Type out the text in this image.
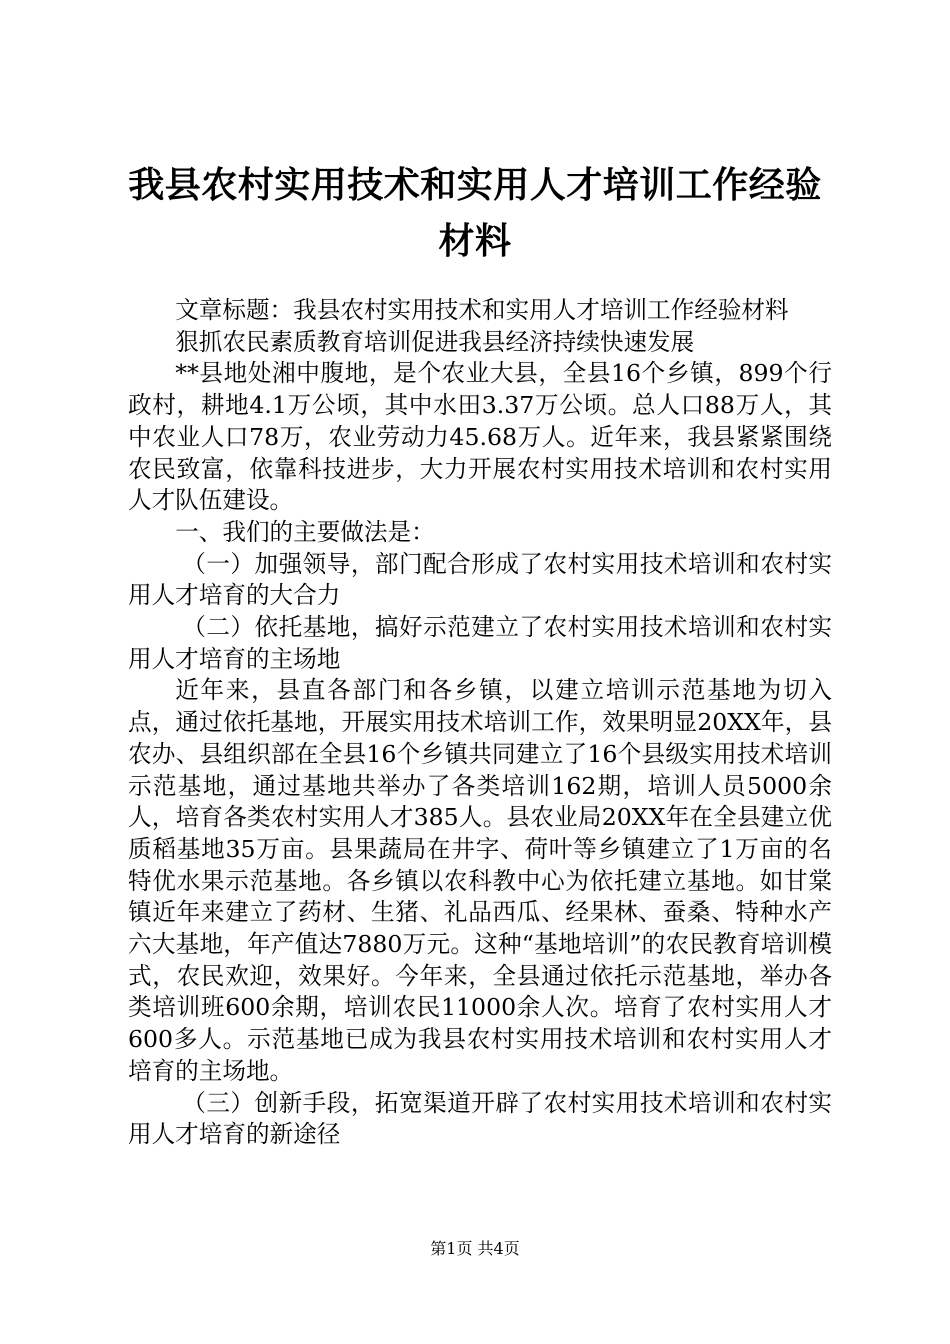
我县农村实用技术和实用人才培训工作经验材料

文章标题：我县农村实用技术和实用人才培训工作经验材料

狠抓农民素质教育培训促进我县经济持续快速发展

**县地处湘中腹地，是个农业大县，全县16个乡镇，899个行政村，耕地4.1万公顷，其中水田3.37万公顷。总人口88万人，其中农业人口78万，农业劳动力45.68万人。近年来，我县紧紧围绕农民致富，依靠科技进步，大力开展农村实用技术培训和农村实用人才队伍建设。

一、我们的主要做法是：

（一）加强领导，部门配合形成了农村实用技术培训和农村实用人才培育的大合力

（二）依托基地，搞好示范建立了农村实用技术培训和农村实用人才培育的主场地

近年来，县直各部门和各乡镇，以建立培训示范基地为切入点，通过依托基地，开展实用技术培训工作，效果明显20XX年，县农办、县组织部在全县16个乡镇共同建立了16个县级实用技术培训示范基地，通过基地共举办了各类培训162期，培训人员5000余人，培育各类农村实用人才385人。县农业局20XX年在全县建立优质稻基地35万亩。县果蔬局在井字、荷叶等乡镇建立了1万亩的名特优水果示范基地。各乡镇以农科教中心为依托建立基地。如甘棠镇近年来建立了药材、生猪、礼品西瓜、经果林、蚕桑、特种水产六大基地，年产值达7880万元。这种“基地培训”的农民教育培训模式，农民欢迎，效果好。今年来，全县通过依托示范基地，举办各类培训班600余期，培训农民11000余人次。培育了农村实用人才600多人。示范基地已成为我县农村实用技术培训和农村实用人才培育的主场地。

（三）创新手段，拓宽渠道开辟了农村实用技术培训和农村实用人才培育的新途径

第1页 共4页
